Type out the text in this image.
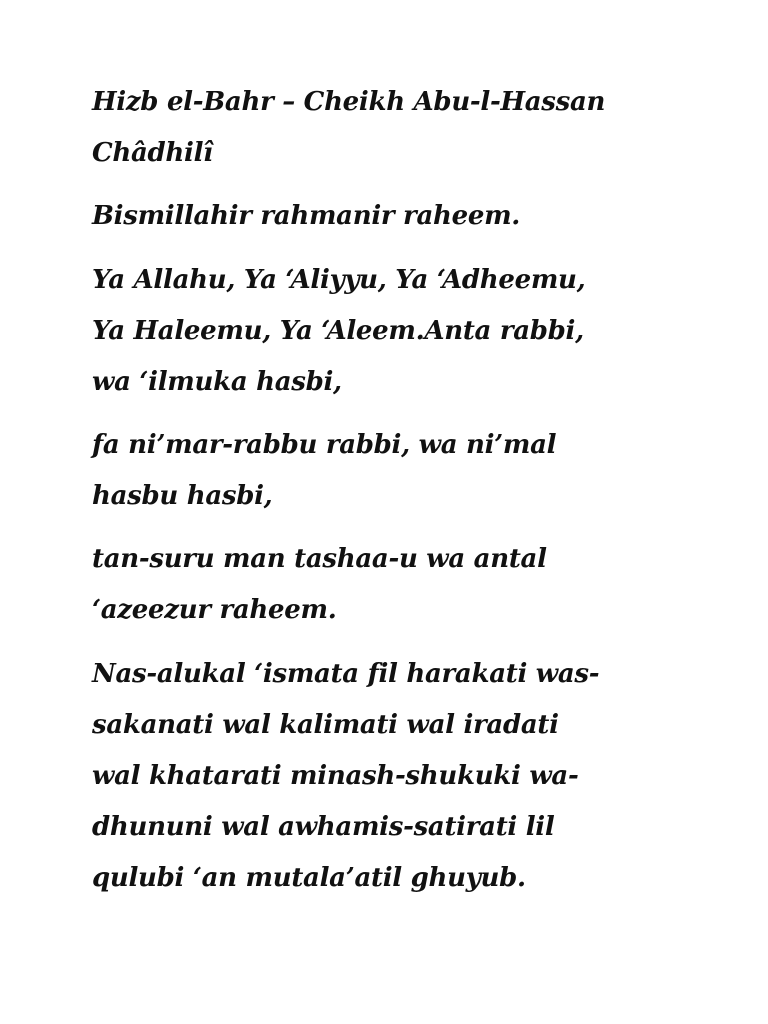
Hizb el-Bahr – Cheikh Abu-l-Hassan
Châdhilî
Bismillahir rahmanir raheem.
Ya Allahu, Ya ‘Aliyyu, Ya ‘Adheemu,
Ya Haleemu, Ya ‘Aleem.Anta rabbi,
wa ‘ilmuka hasbi,
fa ni’mar-rabbu rabbi, wa ni’mal
hasbu hasbi,
tan-suru man tashaa-u wa antal
‘azeezur raheem.
Nas-alukal ‘ismata fil harakati was-
sakanati wal kalimati wal iradati
wal khatarati minash-shukuki wa-
dhununi wal awhamis-satirati lil
qulubi ‘an mutala’atil ghuyub.
